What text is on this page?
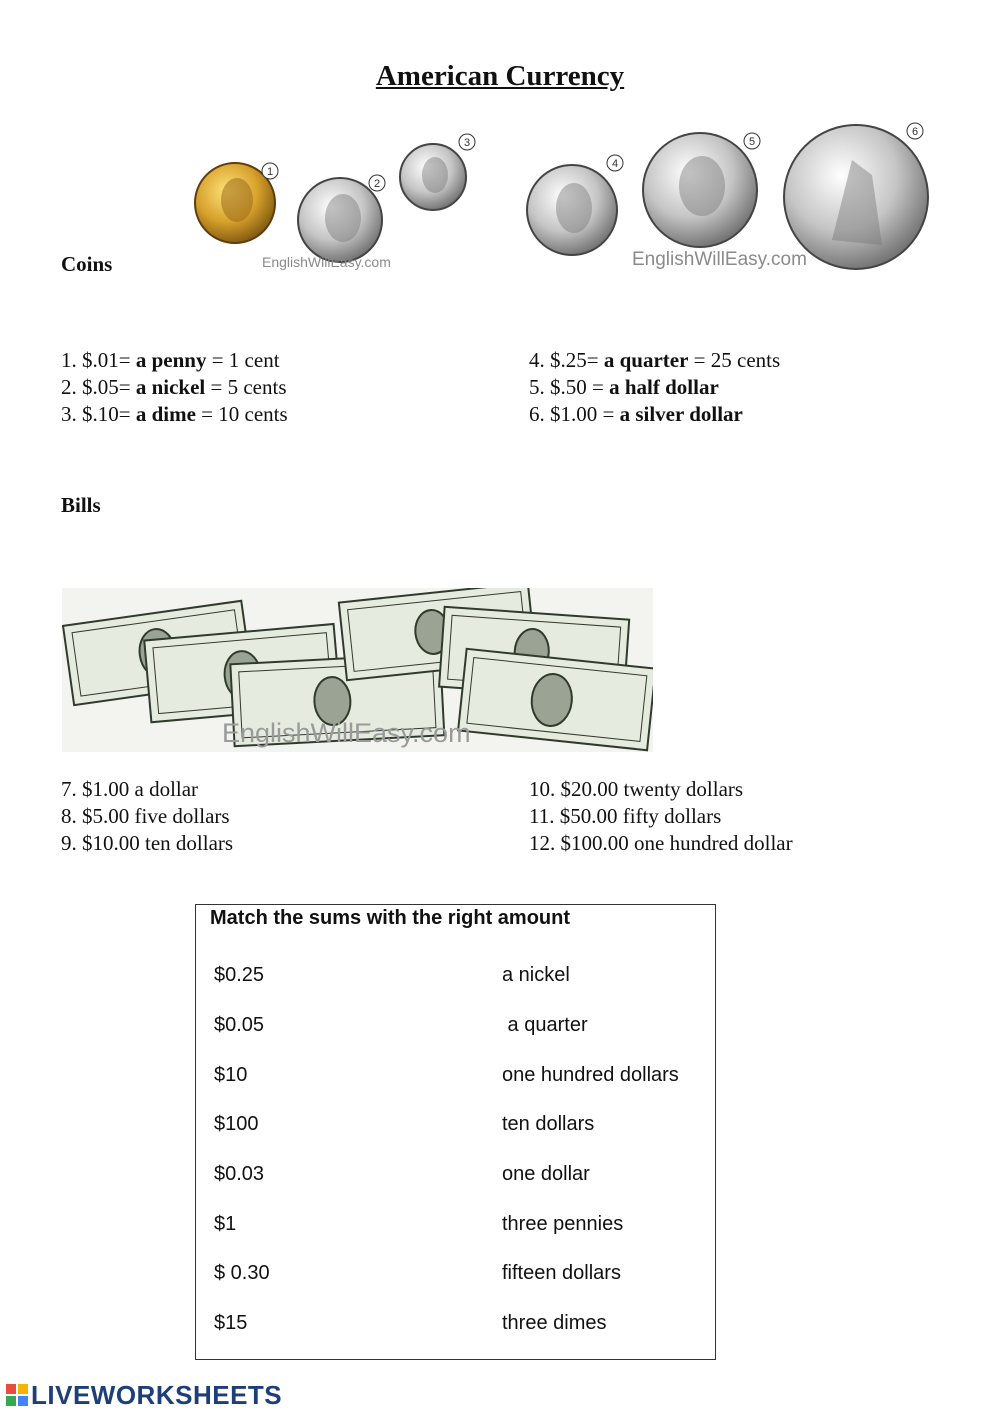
American Currency
Coins
1
2
3
EnglishWillEasy.com
4
5
6
EnglishWillEasy.com
1. $.01= a penny = 1 cent
2. $.05= a nickel = 5 cents
3. $.10= a dime = 10 cents
4. $.25= a quarter = 25 cents
5. $.50 = a half dollar
6. $1.00 = a silver dollar
Bills
EnglishWillEasy.com
7. $1.00 a dollar
8. $5.00 five dollars
9. $10.00 ten dollars
10. $20.00 twenty dollars
11. $50.00 fifty dollars
12. $100.00 one hundred dollar
Match the sums with the right amount
$0.25	a nickel
$0.05	a quarter
$10	one hundred dollars
$100	ten dollars
$0.03	one dollar
$1	three pennies
$ 0.30	fifteen dollars
$15	three dimes
LIVEWORKSHEETS
